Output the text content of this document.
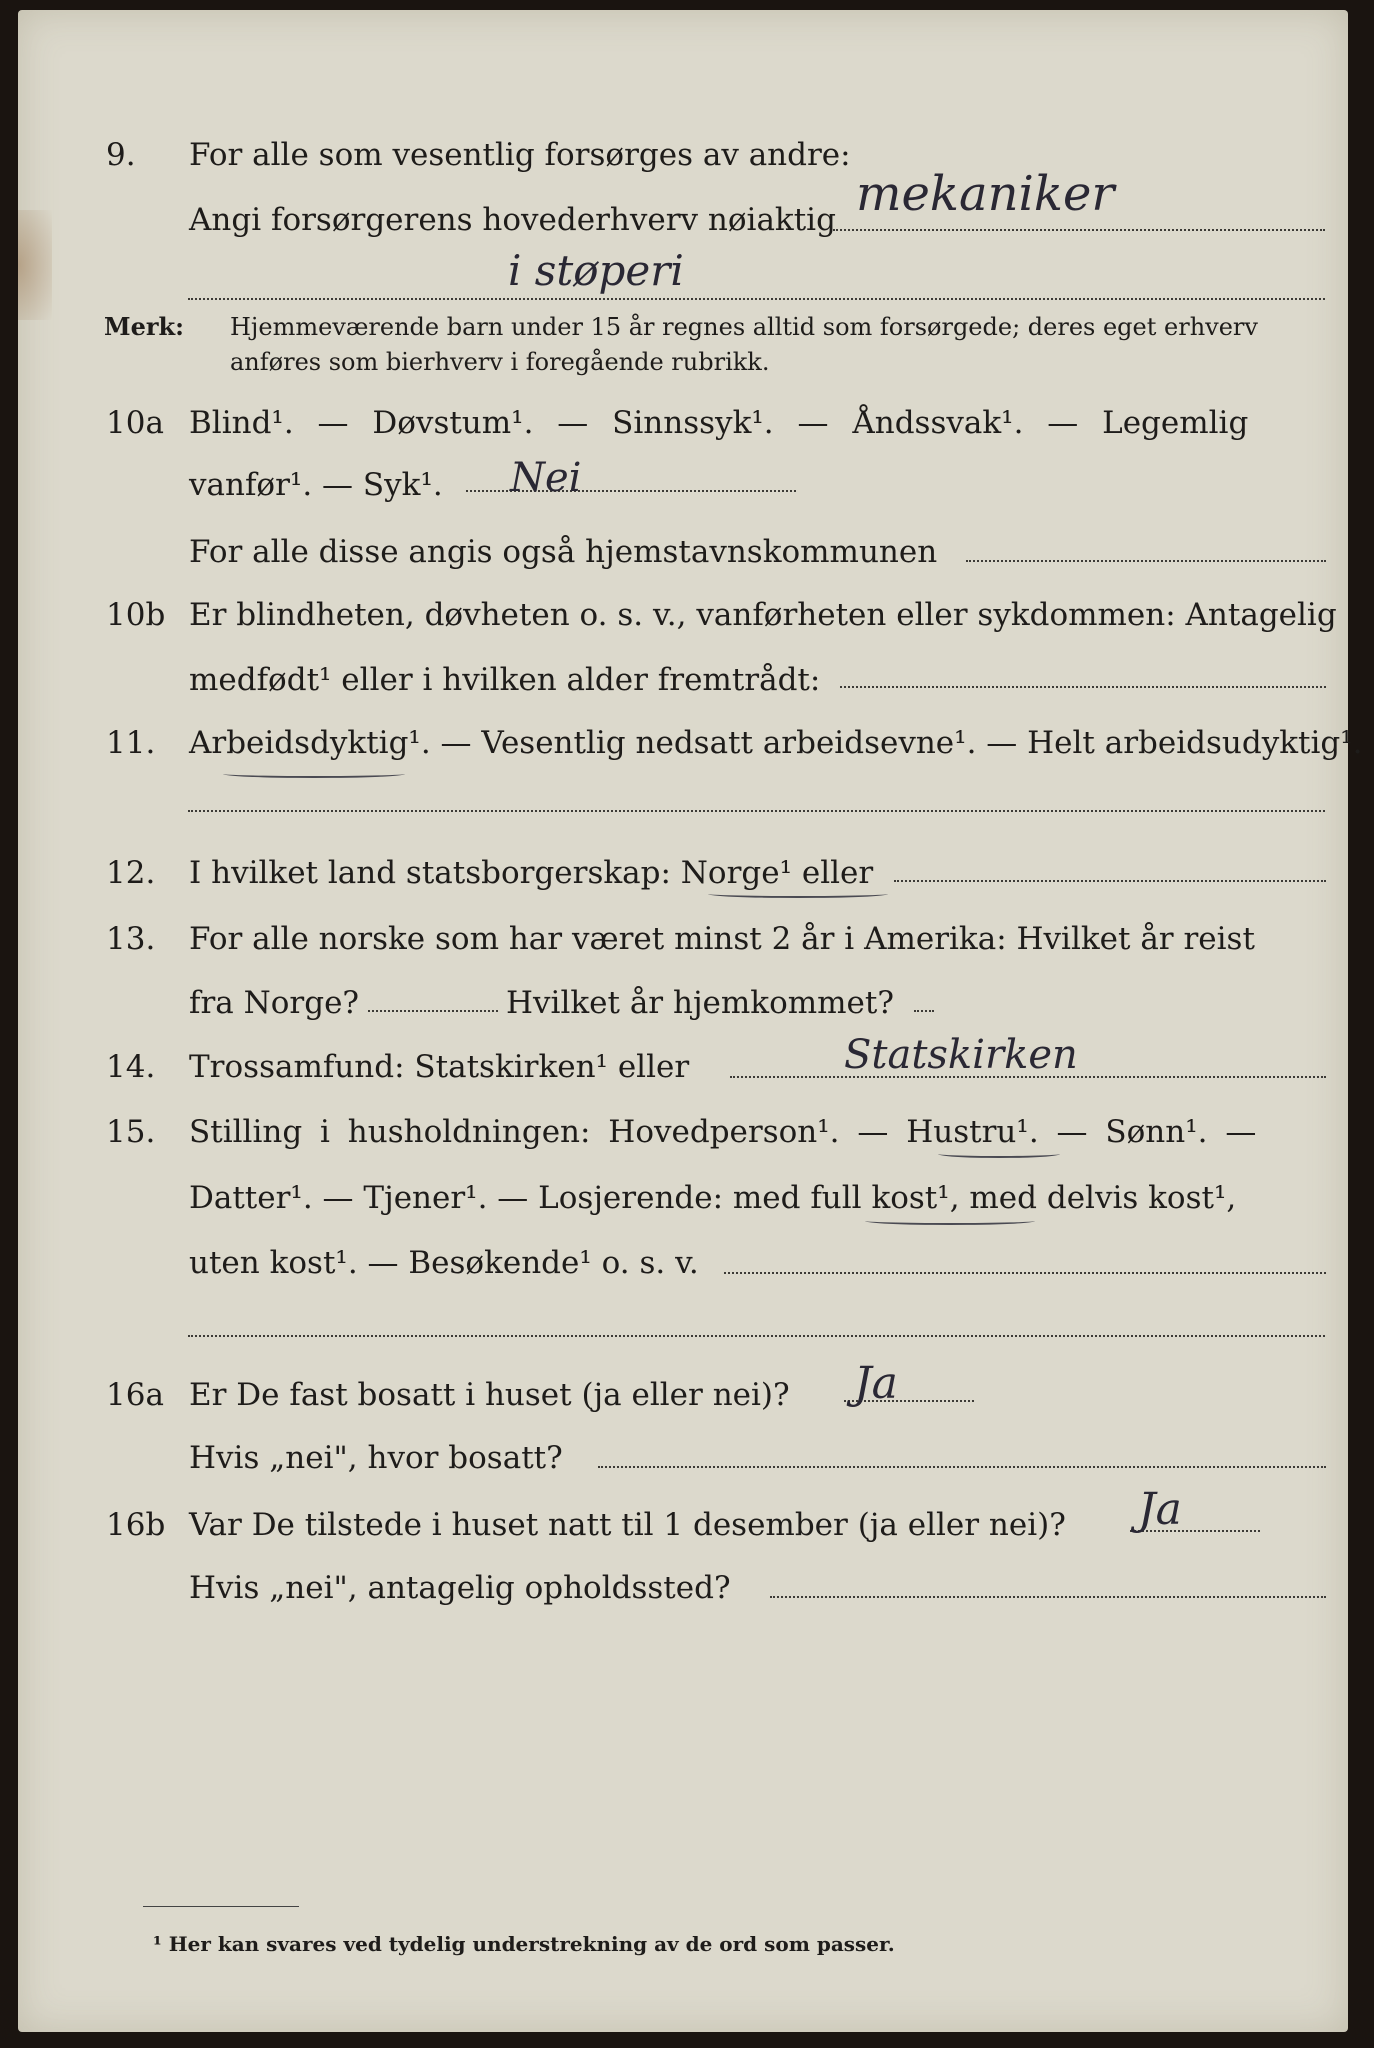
9. For alle som vesentlig forsørges av andre:
Angi forsørgerens hovederhverv nøiaktig mekaniker
i støperi
Merk: Hjemmeværende barn under 15 år regnes alltid som forsørgede; deres eget erhverv
anføres som bierhverv i foregående rubrikk.
10a Blind¹. — Døvstum¹. — Sinnssyk¹. — Åndssvak¹. — Legemlig
vanfør¹. — Syk¹. Nei
For alle disse angis også hjemstavnskommunen
10b Er blindheten, døvheten o. s. v., vanførheten eller sykdommen: Antagelig
medfødt¹ eller i hvilken alder fremtrådt:
11. Arbeidsdyktig¹. — Vesentlig nedsatt arbeidsevne¹. — Helt arbeidsudyktig¹.
12. I hvilket land statsborgerskap: Norge¹ eller
13. For alle norske som har været minst 2 år i Amerika: Hvilket år reist
fra Norge?	Hvilket år hjemkommet?
14. Trossamfund: Statskirken¹ eller	Statskirken
15. Stilling i husholdningen: Hovedperson¹. — Hustru¹. — Sønn¹. —
Datter¹. — Tjener¹. — Losjerende: med full kost¹, med delvis kost¹,
uten kost¹. — Besøkende¹ o. s. v.
16a Er De fast bosatt i huset (ja eller nei)? Ja
Hvis „nei", hvor bosatt?
16b Var De tilstede i huset natt til 1 desember (ja eller nei)? Ja
Hvis „nei", antagelig opholdssted?
¹ Her kan svares ved tydelig understrekning av de ord som passer.
